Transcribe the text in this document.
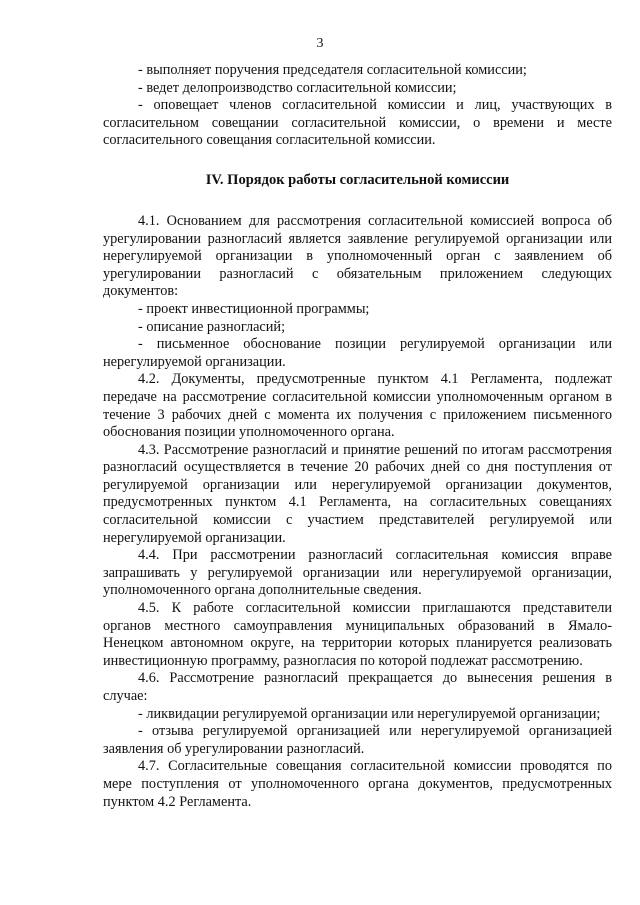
3

- выполняет поручения председателя согласительной комиссии;

- ведет делопроизводство согласительной комиссии;

- оповещает членов согласительной комиссии и лиц, участвующих в согласительном совещании согласительной комиссии, о времени и месте согласительного совещания согласительной комиссии.

IV. Порядок работы согласительной комиссии

4.1. Основанием для рассмотрения согласительной комиссией вопроса об урегулировании разногласий является заявление регулируемой организации или нерегулируемой организации в уполномоченный орган с заявлением об урегулировании разногласий с обязательным приложением следующих документов:

- проект инвестиционной программы;

- описание разногласий;

- письменное обоснование позиции регулируемой организации или нерегулируемой организации.

4.2. Документы, предусмотренные пунктом 4.1 Регламента, подлежат передаче на рассмотрение согласительной комиссии уполномоченным органом в течение 3 рабочих дней с момента их получения с приложением письменного обоснования позиции уполномоченного органа.

4.3. Рассмотрение разногласий и принятие решений по итогам рассмотрения разногласий осуществляется в течение 20 рабочих дней со дня поступления от регулируемой организации или нерегулируемой организации документов, предусмотренных пунктом 4.1 Регламента, на согласительных совещаниях согласительной комиссии с участием представителей регулируемой или нерегулируемой организации.

4.4. При рассмотрении разногласий согласительная комиссия вправе запрашивать у регулируемой организации или нерегулируемой организации, уполномоченного органа дополнительные сведения.

4.5. К работе согласительной комиссии приглашаются представители органов местного самоуправления муниципальных образований в Ямало-Ненецком автономном округе, на территории которых планируется реализовать инвестиционную программу, разногласия по которой подлежат рассмотрению.

4.6. Рассмотрение разногласий прекращается до вынесения решения в случае:

- ликвидации регулируемой организации или нерегулируемой организации;

- отзыва регулируемой организацией или нерегулируемой организацией заявления об урегулировании разногласий.

4.7. Согласительные совещания согласительной комиссии проводятся по мере поступления от уполномоченного органа документов, предусмотренных пунктом 4.2 Регламента.
